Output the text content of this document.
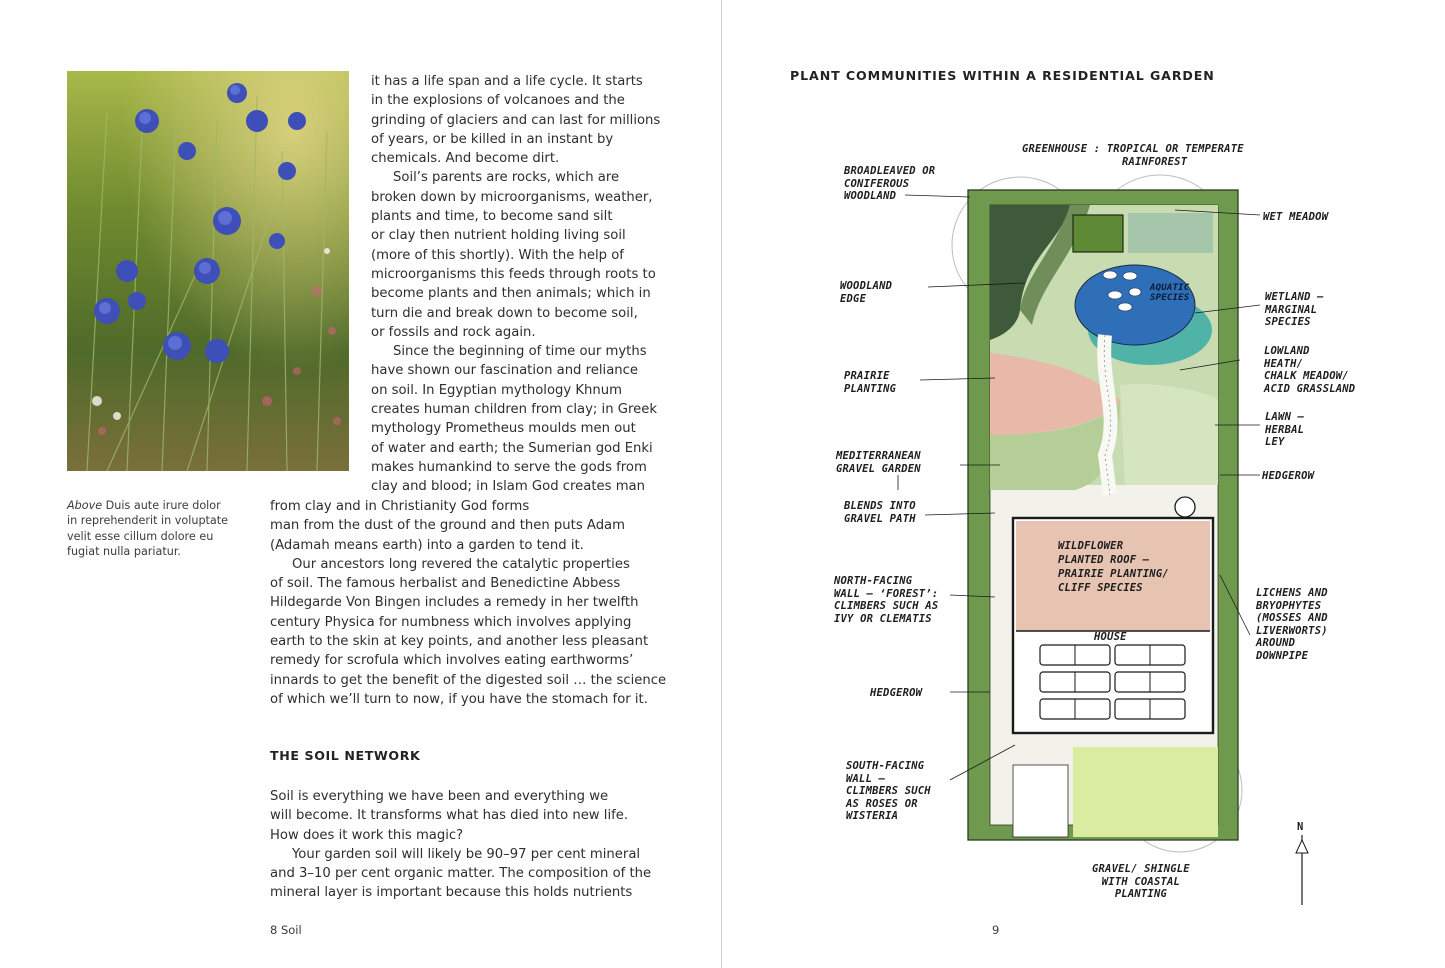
Above Duis aute irure dolor
in reprehenderit in voluptate
velit esse cillum dolore eu
fugiat nulla pariatur.
it has a life span and a life cycle. It starts
in the explosions of volcanoes and the
grinding of glaciers and can last for millions
of years, or be killed in an instant by
chemicals. And become dirt.
Soil’s parents are rocks, which are
broken down by microorganisms, weather,
plants and time, to become sand silt
or clay then nutrient holding living soil
(more of this shortly). With the help of
microorganisms this feeds through roots to
become plants and then animals; which in
turn die and break down to become soil,
or fossils and rock again.
Since the beginning of time our myths
have shown our fascination and reliance
on soil. In Egyptian mythology Khnum
creates human children from clay; in Greek
mythology Prometheus moulds men out
of water and earth; the Sumerian god Enki
makes humankind to serve the gods from
clay and blood; in Islam God creates man
from clay and in Christianity God forms
man from the dust of the ground and then puts Adam
(Adamah means earth) into a garden to tend it.
Our ancestors long revered the catalytic properties
of soil. The famous herbalist and Benedictine Abbess
Hildegarde Von Bingen includes a remedy in her twelfth
century Physica for numbness which involves applying
earth to the skin at key points, and another less pleasant
remedy for scrofula which involves eating earthworms’
innards to get the benefit of the digested soil … the science
of which we’ll turn to now, if you have the stomach for it.
THE SOIL NETWORK
Soil is everything we have been and everything we
will become. It transforms what has died into new life.
How does it work this magic?
Your garden soil will likely be 90–97 per cent mineral
and 3–10 per cent organic matter. The composition of the
mineral layer is important because this holds nutrients
8 Soil
PLANT COMMUNITIES WITHIN A RESIDENTIAL GARDEN
GREENHOUSE : TROPICAL OR TEMPERATE
RAINFOREST
BROADLEAVED OR
CONIFEROUS
WOODLAND
WET MEADOW
WOODLAND
EDGE
AQUATIC
SPECIES	WETLAND –
MARGINAL
SPECIES
LOWLAND
HEATH/
CHALK MEADOW/
ACID GRASSLAND
PRAIRIE
PLANTING
LAWN –
HERBAL
LEY
MEDITERRANEAN
GRAVEL GARDEN
HEDGEROW
BLENDS INTO
GRAVEL PATH
WILDFLOWER
PLANTED ROOF –
PRAIRIE PLANTING/
CLIFF SPECIES
NORTH-FACING
WALL – ‘FOREST’:
CLIMBERS SUCH AS
IVY OR CLEMATIS
LICHENS AND
BRYOPHYTES
(MOSSES AND
LIVERWORTS)
AROUND
DOWNPIPE
HOUSE
HEDGEROW
SOUTH-FACING
WALL –
CLIMBERS SUCH
AS ROSES OR
WISTERIA
GRAVEL/ SHINGLE
WITH COASTAL
PLANTING
N
9
